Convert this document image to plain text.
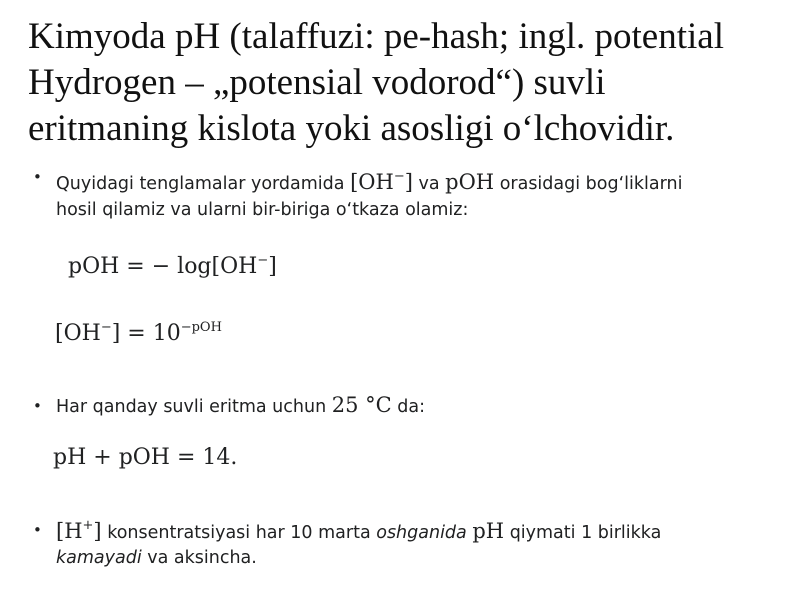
Kimyoda pH (talaffuzi: pe-hash; ingl. potential
Hydrogen – „potensial vodorod“) suvli
eritmaning kislota yoki asosligi o‘lchovidir.
• Quyidagi tenglamalar yordamida [OH−] va pOH orasidagi bog‘liklarni
hosil qilamiz va ularni bir-biriga o‘tkaza olamiz:
pOH = − log[OH−]
$[OH^-] = 10^{-pOH}$
• Har qanday suvli eritma uchun 25 °C da:
pH + pOH = 14.
• [H+] konsentratsiyasi har 10 marta oshganida pH qiymati 1 birlikka
kamayadi va aksincha.
